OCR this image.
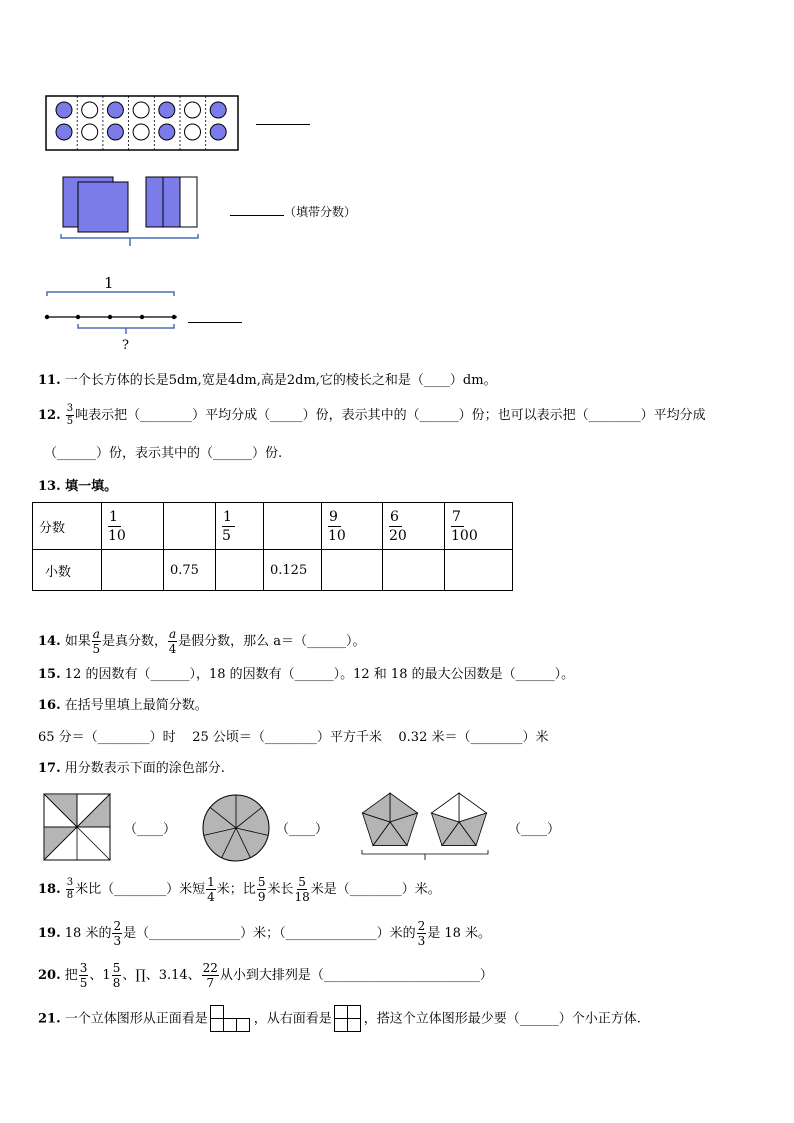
（填带分数）
1
?
11. 一个长方体的长是5dm,宽是4dm,高是2dm,它的棱长之和是（____）dm。
12. $\frac{3}{5}$ 吨表示把（________）平均分成（_____）份，表示其中的（______）份；也可以表示把（________）平均分成
（______）份，表示其中的（______）份.
13. 填一填。
分数	$\frac{1}{10}$		$\frac{1}{5}$		$\frac{9}{10}$	$\frac{6}{20}$	$\frac{7}{100}$

小数		0.75		0.125			
14. 如果 $\frac{a}{5}$ 是真分数， $\frac{a}{4}$ 是假分数，那么 a＝（______）。
15. 12 的因数有（______），18 的因数有（______）。12 和 18 的最大公因数是（______）。
16. 在括号里填上最简分数。
65 分＝（________）时    25 公顷＝（________）平方千米    0.32 米＝（________）米
17. 用分数表示下面的涂色部分.
（____）	（____）	（____）
18. $\frac{3}{8}$ 米比（________）米短 $\frac{1}{4}$ 米；比 $\frac{5}{9}$ 米长 $\frac{5}{18}$ 米是（________）米。
19. 18 米的 $\frac{2}{3}$ 是（______________）米；（______________）米的 $\frac{2}{3}$ 是 18 米。
20. 把 $\frac{3}{5}$ 、$1 \frac{5}{8}$ 、∏、3.14、 $\frac{22}{7}$ 从小到大排列是（________________________）
21. 一个立体图形从正面看是	，从右面看是 ，搭这个立体图形最少要（______）个小正方体.
